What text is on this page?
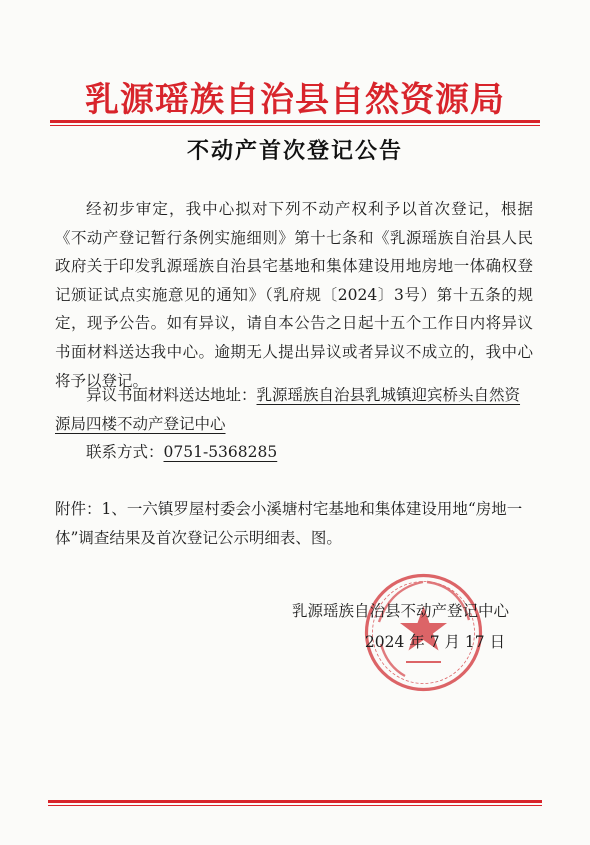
乳源瑶族自治县自然资源局
不动产首次登记公告
经初步审定，我中心拟对下列不动产权利予以首次登记，根据《不动产登记暂行条例实施细则》第十七条和《乳源瑶族自治县人民政府关于印发乳源瑶族自治县宅基地和集体建设用地房地一体确权登记颁证试点实施意见的通知》（乳府规〔2024〕3号）第十五条的规定，现予公告。如有异议，请自本公告之日起十五个工作日内将异议书面材料送达我中心。逾期无人提出异议或者异议不成立的，我中心将予以登记。
异议书面材料送达地址：乳源瑶族自治县乳城镇迎宾桥头自然资源局四楼不动产登记中心
联系方式：0751-5368285
附件：1、一六镇罗屋村委会小溪塘村宅基地和集体建设用地“房地一体”调查结果及首次登记公示明细表、图。
乳源瑶族自治县不动产登记中心
2024 年 7 月 17 日
